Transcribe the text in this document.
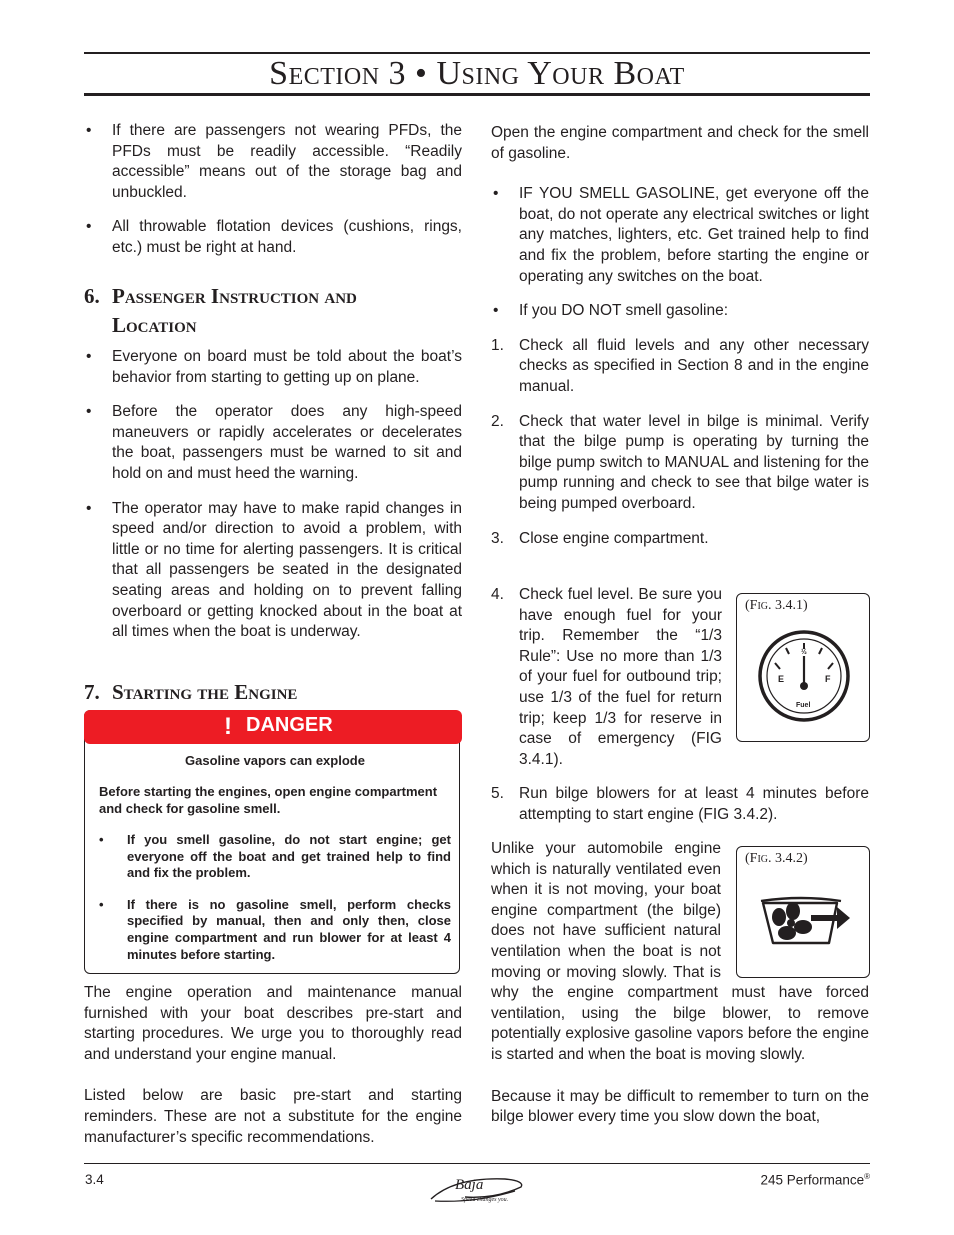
Section 3 • Using Your Boat

• If there are passengers not wearing PFDs, the PFDs must be readily accessible. “Readily accessible” means out of the storage bag and unbuckled.

• All throwable flotation devices (cushions, rings, etc.) must be right at hand.

6. Passenger Instruction and
Location

• Everyone on board must be told about the boat’s behavior from starting to getting up on plane.

• Before the operator does any high-speed maneuvers or rapidly accelerates or decelerates the boat, passengers must be warned to sit and hold on and must heed the warning.

• The operator may have to make rapid changes in speed and/or direction to avoid a problem, with little or no time for alerting passengers. It is critical that all passengers be seated in the designated seating areas and holding on to prevent falling overboard or getting knocked about in the boat at all times when the boat is underway.

7. Starting the Engine
! DANGER
Gasoline vapors can explode
Before starting the engines, open engine compartment and check for gasoline smell.

• If you smell gasoline, do not start engine; get everyone off the boat and get trained help to find and fix the problem.

• If there is no gasoline smell, perform checks specified by manual, then and only then, close engine compartment and run blower for at least 4 minutes before starting.

The engine operation and maintenance manual furnished with your boat describes pre-start and starting procedures. We urge you to thoroughly read and understand your engine manual.

Listed below are basic pre-start and starting reminders. These are not a substitute for the engine manufacturer’s specific recommendations.

Open the engine compartment and check for the smell of gasoline.

• IF YOU SMELL GASOLINE, get everyone off the boat, do not operate any electrical switches or light any matches, lighters, etc. Get trained help to find and fix the problem, before starting the engine or operating any switches on the boat.

• If you DO NOT smell gasoline:

1. Check all fluid levels and any other necessary checks as specified in Section 8 and in the engine manual.

2. Check that water level in bilge is minimal. Verify that the bilge pump is operating by turning the bilge pump switch to MANUAL and listening for the pump running and check to see that bilge water is being pumped overboard.

3. Close engine compartment.

4. Check fuel level. Be sure you have enough fuel for your trip. Remember the “1/3 Rule”: Use no more than 1/3 of your fuel for outbound trip; use 1/3 of the fuel for return trip; keep 1/3 for reserve in case of emergency (FIG 3.4.1).

(Fig. 3.4.1)
E	F
½
Fuel

5. Run bilge blowers for at least 4 minutes before attempting to start engine (FIG 3.4.2).

Unlike your automobile engine which is naturally ventilated even when it is not moving, your boat engine compartment (the bilge) does not have sufficient natural ventilation when the boat is not moving or moving slowly. That is why the engine compartment must have forced ventilation, using the bilge blower, to remove potentially explosive gasoline vapors before the engine is started and when the boat is moving slowly.

Because it may be difficult to remember to turn on the bilge blower every time you slow down the boat,

(Fig. 3.4.2)
3.4	245 Performance®
Baja
Speed changes you.
